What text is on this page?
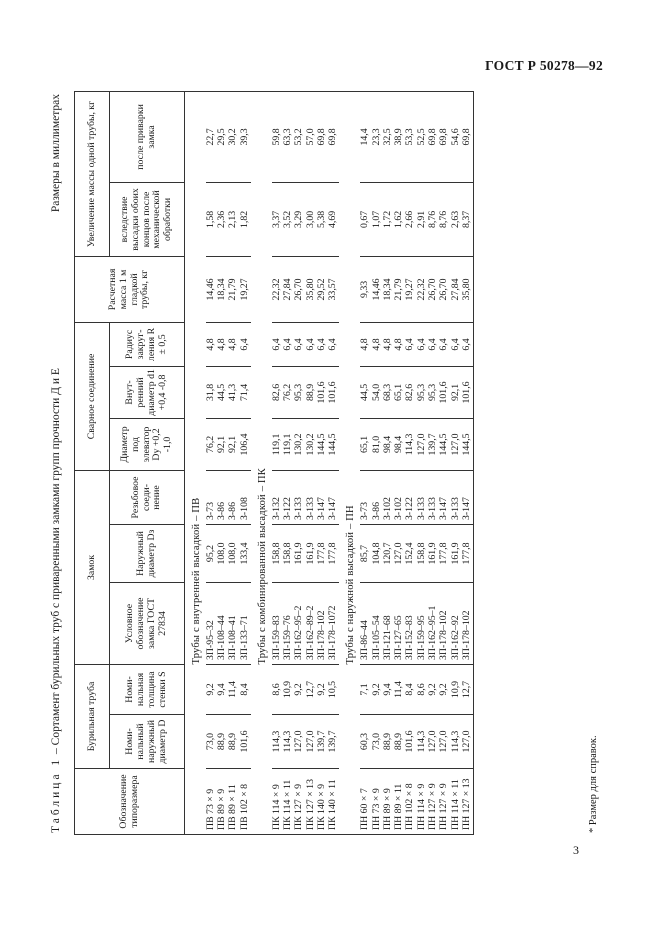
ГОСТ Р 50278—92
Таблица 1 – Сортамент бурильных труб с приваренными замками групп прочности Д и Е
Размеры в миллиметрах
Обозначение типоразмера	Бурильная труба		Замок			Сварное соединение			Расчетная масса 1 м гладкой трубы, кг	Увеличение массы одной трубы, кг	
	Номи-нальный наружный диаметр D	Номи-нальная толщина стенки S	Условное обозначение замка ГОСТ 27834	Наружный диаметр Dз	Резьбовое соеди-нение	Диаметр под элеватор Dу +0,2 -1,0	Внут-ренний диаметр d1 +0,4 -0,8	Радиус закруг-ления R ± 0,5		вследствие высадки обоих концов после механической обработки	после приварки замка
			Трубы с внутренней высадкой – ПВ								
ПВ 73 × 9	73,0	9,2	ЗП-95–32	95,2	З-73	76,2	31,8	4,8	14,46	1,58	22,7
ПВ 89 × 9	88,9	9,4	ЗП-108–44	108,0	З-86	92,1	44,5	4,8	18,34	2,36	29,5
ПВ 89 × 11	88,9	11,4	ЗП-108–41	108,0	З-86	92,1	41,3	4,8	21,79	2,13	30,2
ПВ 102 × 8	101,6	8,4	ЗП-133–71	133,4	З-108	106,4	71,4	6,4	19,27	1,82	39,3
			Трубы с комбинированной высадкой – ПК								
ПК 114 × 9	114,3	8,6	ЗП-159–83	158,8	З-132	119,1	82,6	6,4	22,32	3,37	59,8
ПК 114 × 11	114,3	10,9	ЗП-159–76	158,8	З-122	119,1	76,2	6,4	27,84	3,52	63,3
ПК 127 × 9	127,0	9,2	ЗП-162–95–2	161,9	З-133	130,2	95,3	6,4	26,70	3,29	53,2
ПК 127 × 13	127,0	12,7	ЗП-162–89–2	161,9	З-133	130,2	88,9	6,4	35,80	3,00	57,0
ПК 140 × 9	139,7	9,2	ЗП-178–102	177,8	З-147	144,5	101,6	6,4	29,52	5,38	69,8
ПК 140 × 11	139,7	10,5	ЗП-178–1072	177,8	З-147	144,5	101,6	6,4	33,57	4,69	69,8
			Трубы с наружной высадкой – ПН								
ПН 60 × 7	60,3	7,1	ЗП-86–44	85,7	З-73	65,1	44,5	4,8	9,33	0,67	14,4
ПН 73 × 9	73,0	9,2	ЗП-105–54	104,8	З-86	81,0	54,0	4,8	14,46	1,07	23,3
ПН 89 × 9	88,9	9,4	ЗП-121–68	120,7	З-102	98,4	68,3	4,8	18,34	1,72	32,5
ПН 89 × 11	88,9	11,4	ЗП-127–65	127,0	З-102	98,4	65,1	4,8	21,79	1,62	38,9
ПН 102 × 8	101,6	8,4	ЗП-152–83	152,4	З-122	114,3	82,6	6,4	19,27	2,66	53,3
ПН 114 × 9	114,3	8,6	ЗП-159–95	158,8	З-133	127,0	95,3	6,4	22,32	2,91	52,5
ПН 127 × 9	127,0	9,2	ЗП-162–95–1	161,9	З-133	139,7	95,3	6,4	26,70	8,76	69,8
ПН 127 × 9	127,0	9,2	ЗП-178–102	177,8	З-147	144,5	101,6	6,4	26,70	8,76	69,8
ПН 114 × 11	114,3	10,9	ЗП-162–92	161,9	З-133	127,0	92,1	6,4	27,84	2,63	54,6
ПН 127 × 13	127,0	12,7	ЗП-178–102	177,8	З-147	144,5	101,6	6,4	35,80	8,37	69,8
* Размер для справок.
3
